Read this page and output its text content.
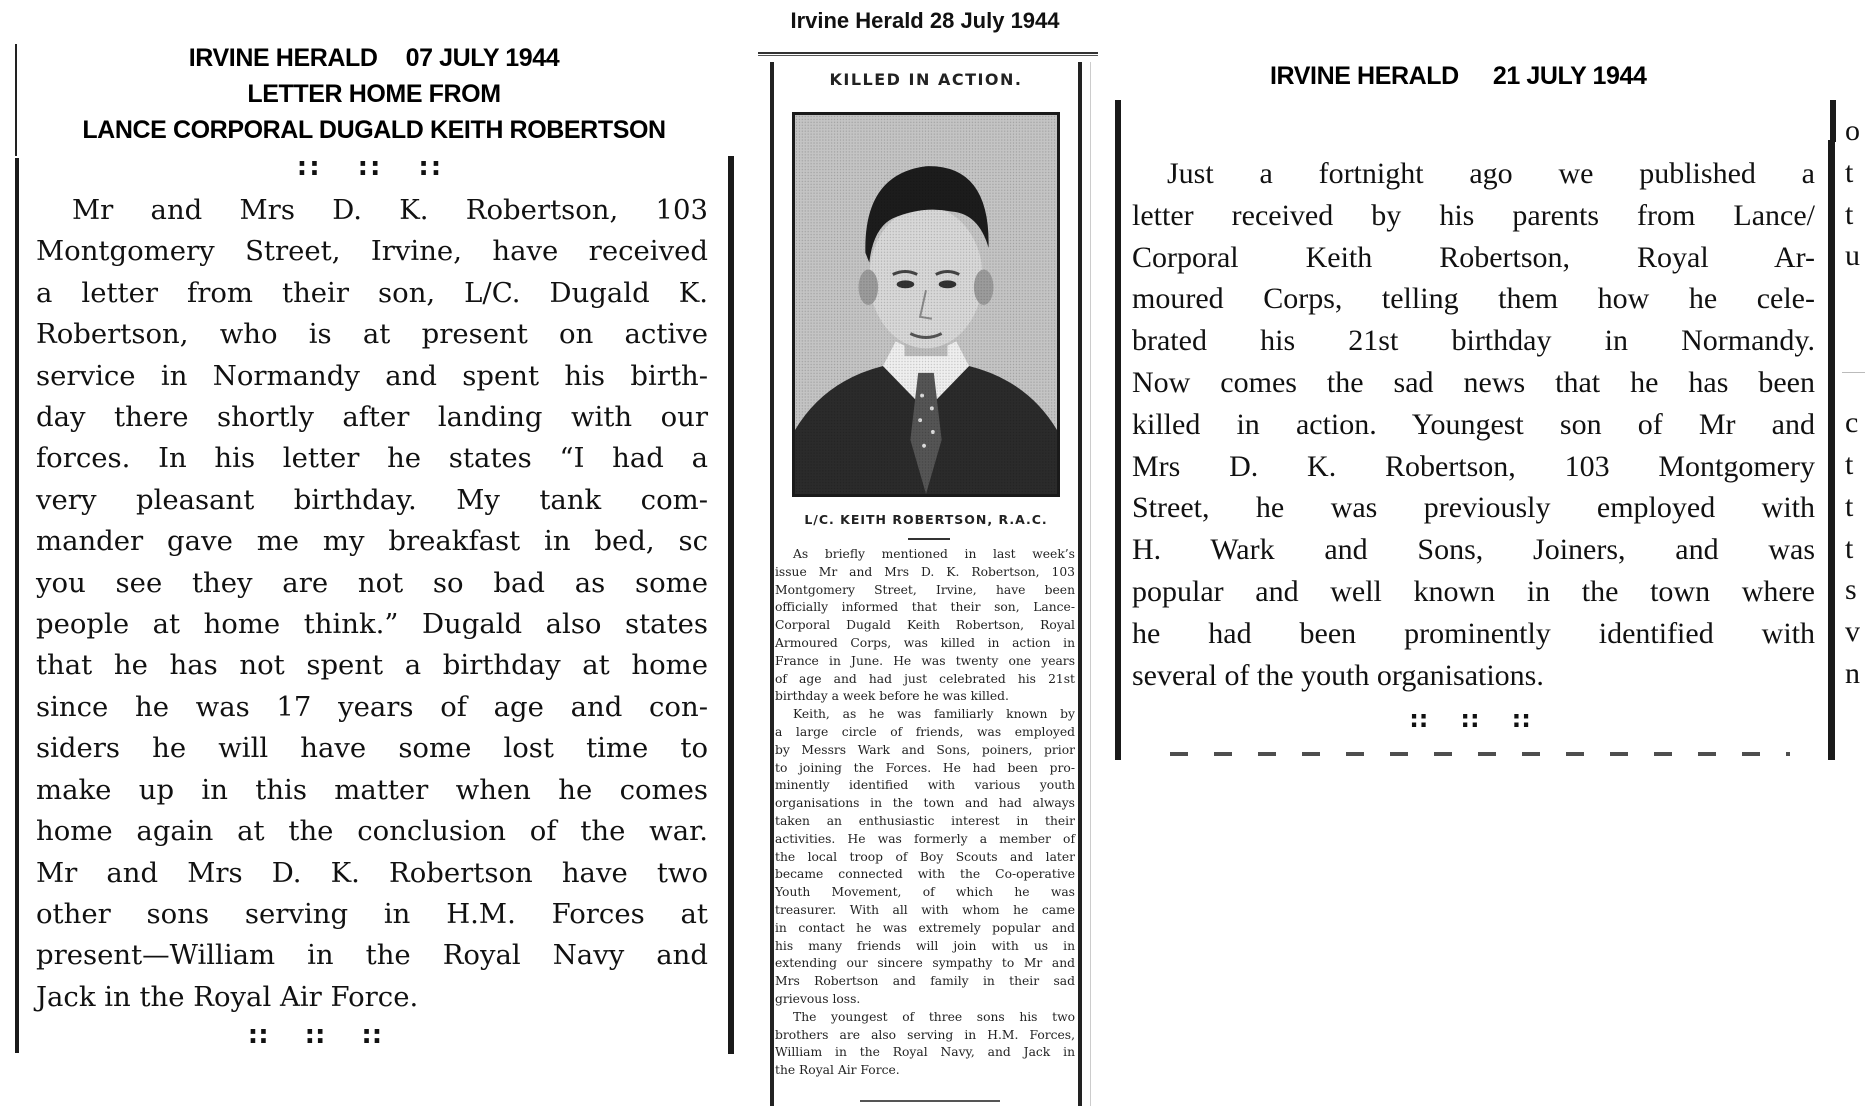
IRVINE HERALD 07 JULY 1944
LETTER HOME FROM
LANCE CORPORAL DUGALD KEITH ROBERTSON
::::::
Mr and Mrs D. K. Robertson, 103
Montgomery Street, Irvine, have received
a letter from their son, L/C. Dugald K.
Robertson, who is at present on active
service in Normandy and spent his birth-
day there shortly after landing with our
forces. In his letter he states “I had a
very pleasant birthday. My tank com-
mander gave me my breakfast in bed, sc
you see they are not so bad as some
people at home think.” Dugald also states
that he has not spent a birthday at home
since he was 17 years of age and con-
siders he will have some lost time to
make up in this matter when he comes
home again at the conclusion of the war.
Mr and Mrs D. K. Robertson have two
other sons serving in H.M. Forces at
present—William in the Royal Navy and
Jack in the Royal Air Force.
:: :: ::
Irvine Herald 28 July 1944
KILLED IN ACTION.
L/C. KEITH ROBERTSON, R.A.C.
As briefly mentioned in last week’s
issue Mr and Mrs D. K. Robertson, 103
Montgomery Street, Irvine, have been
officially informed that their son, Lance-
Corporal Dugald Keith Robertson, Royal
Armoured Corps, was killed in action in
France in June. He was twenty one years
of age and had just celebrated his 21st
birthday a week before he was killed.
Keith, as he was familiarly known by
a large circle of friends, was employed
by Messrs Wark and Sons, poiners, prior
to joining the Forces. He had been pro-
minently identified with various youth
organisations in the town and had always
taken an enthusiastic interest in their
activities. He was formerly a member of
the local troop of Boy Scouts and later
became connected with the Co-operative
Youth Movement, of which he was
treasurer. With all with whom he came
in contact he was extremely popular and
his many friends will join with us in
extending our sincere sympathy to Mr and
Mrs Robertson and family in their sad
grievous loss.
The youngest of three sons his two
brothers are also serving in H.M. Forces,
William in the Royal Navy, and Jack in
the Royal Air Force.
IRVINE HERALD 21 JULY 1944
Just a fortnight ago we published a
letter received by his parents from Lance/
Corporal Keith Robertson, Royal Ar-
moured Corps, telling them how he cele-
brated his 21st birthday in Normandy.
Now comes the sad news that he has been
killed in action. Youngest son of Mr and
Mrs D. K. Robertson, 103 Montgomery
Street, he was previously employed with
H. Wark and Sons, Joiners, and was
popular and well known in the town where
he had been prominently identified with
several of the youth organisations.
:: :: ::
o
t
t
u
c
t
t
t
s
v
n
